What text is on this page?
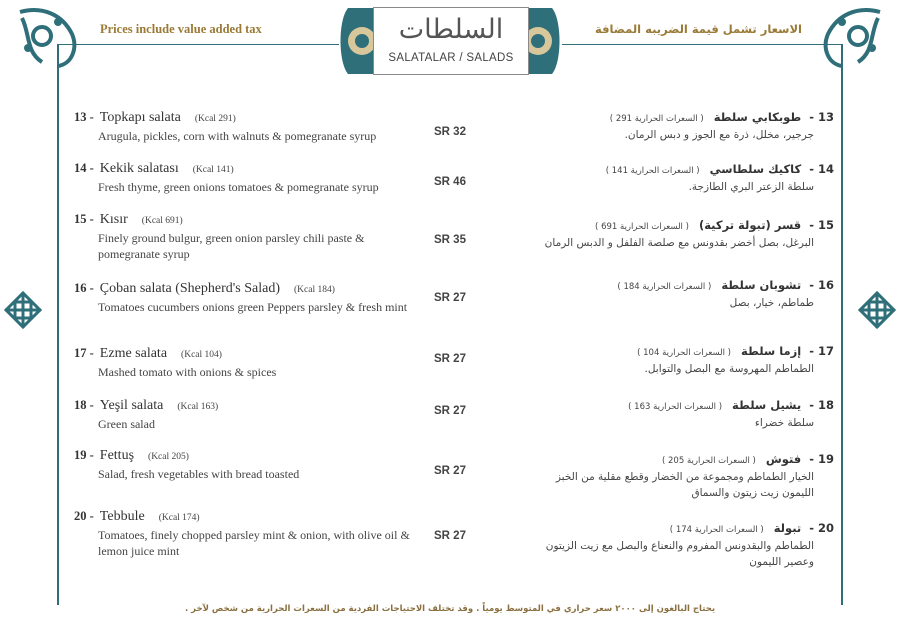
السلطات
SALATALAR / SALADS
Prices include value added tax	الاسعار تشمل قيمة الضريبه المضافة
13 - Topkapı salata (Kcal 291)
Arugula, pickles, corn with walnuts & pomegranate syrup
14 - Kekik salatası (Kcal 141)
Fresh thyme, green onions tomatoes & pomegranate syrup
15 - Kısır (Kcal 691)
Finely ground bulgur, green onion parsley chili paste & pomegranate syrup
16 - Çoban salata (Shepherd's Salad) (Kcal 184)
Tomatoes cucumbers onions green Peppers parsley & fresh mint
17 - Ezme salata (Kcal 104)
Mashed tomato with onions & spices
18 - Yeşil salata (Kcal 163)
Green salad
19 - Fettuş (Kcal 205)
Salad, fresh vegetables with bread toasted
20 - Tebbule (Kcal 174)
Tomatoes, finely chopped parsley mint & onion, with olive oil & lemon juice mint
SR 32
SR 46
SR 35
SR 27
SR 27
SR 27
SR 27
SR 27
13 -طوبكابي سلطة( السعرات الحرارية 291 )
جرجير، مخلل، ذرة مع الجوز و دبس الرمان.
14 -كاكيك سلطاسي( السعرات الحرارية 141 )
سلطة الزعتر البري الطازجة.
15 -قسر (تبولة تركية)( السعرات الحرارية 691 )
البرغل، بصل أخضر بقدونس مع صلصة الفلفل و الدبس الرمان
16 -تشوبان سلطة( السعرات الحرارية 184 )
طماطم، خيار، بصل
17 -إزما سلطة( السعرات الحرارية 104 )
الطماطم المهروسة مع البصل والتوابل.
18 -يشيل سلطة( السعرات الحرارية 163 )
سلطة خضراء
19 -فتوش( السعرات الحرارية 205 )
الخيار الطماطم ومجموعة من الخضار وقطع مقلية من الخبز الليمون زيت زيتون والسماق
20 -تبولة( السعرات الحرارية 174 )
الطماطم والبقدونس المفروم والنعناع والبصل مع زيت الزيتون وعصير الليمون
يحتاج البالغون إلى ٢٠٠٠ سعر حراري في المتوسط يومياً . وقد تختلف الاحتياجات الفردية من السعرات الحرارية من شخص لآخر .
